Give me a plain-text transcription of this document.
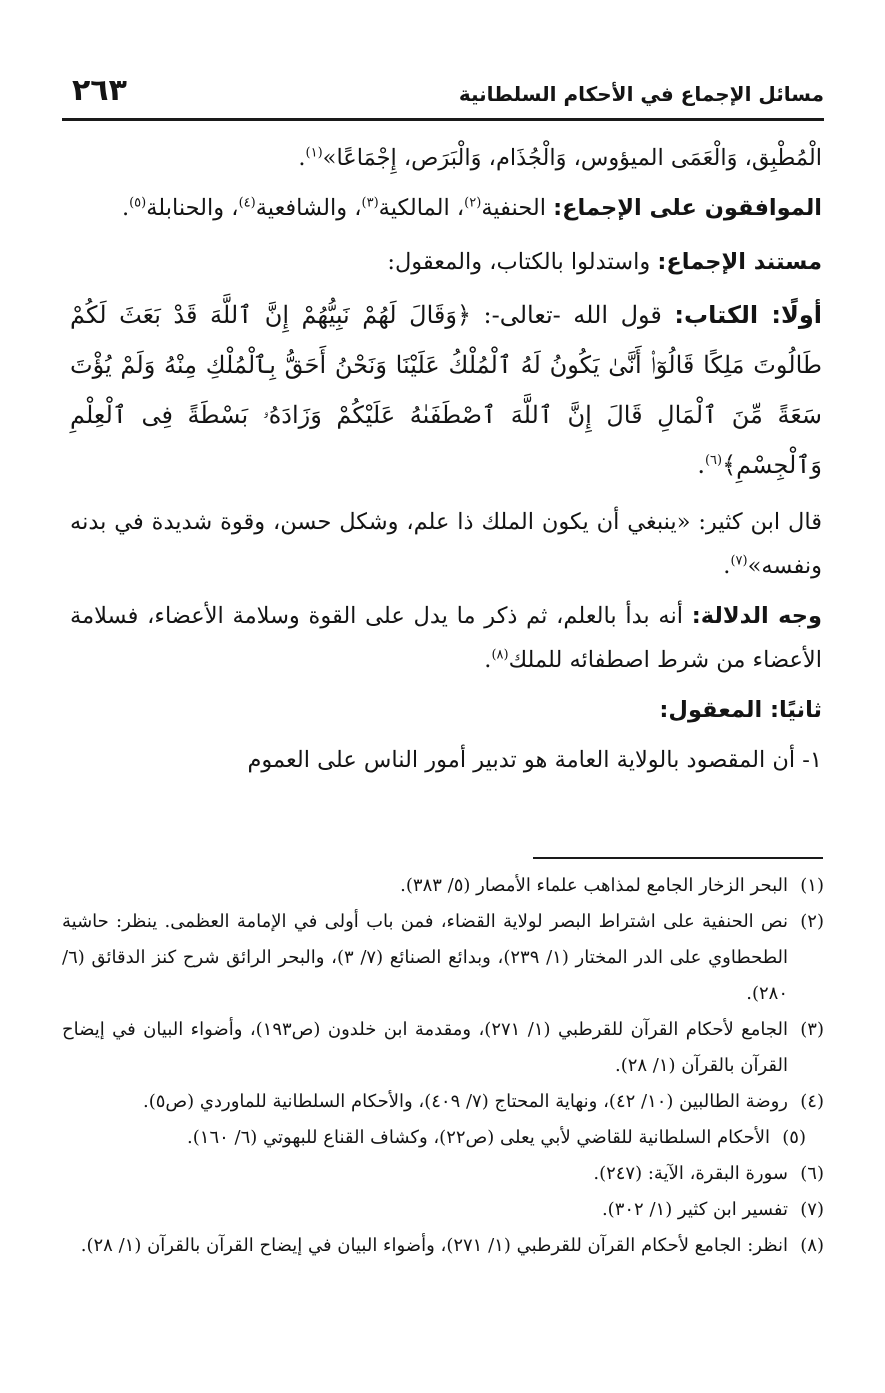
مسائل الإجماع في الأحكام السلطانية
٢٦٣

الْمُطْبِق، وَالْعَمَى الميؤوس، وَالْجُذَام، وَالْبَرَص، إِجْمَاعًا»$^{(١)}$.

الموافقون على الإجماع: الحنفية$^{(٢)}$، المالكية$^{(٣)}$، والشافعية$^{(٤)}$، والحنابلة$^{(٥)}$.

مستند الإجماع: واستدلوا بالكتاب، والمعقول:

أولًا: الكتاب: قول الله -تعالى-: ﴿وَقَالَ لَهُمْ نَبِيُّهُمْ إِنَّ ٱللَّهَ قَدْ بَعَثَ لَكُمْ طَالُوتَ مَلِكًا قَالُوٓا۟ أَنَّىٰ يَكُونُ لَهُ ٱلْمُلْكُ عَلَيْنَا وَنَحْنُ أَحَقُّ بِٱلْمُلْكِ مِنْهُ وَلَمْ يُؤْتَ سَعَةً مِّنَ ٱلْمَالِ قَالَ إِنَّ ٱللَّهَ ٱصْطَفَىٰهُ عَلَيْكُمْ وَزَادَهُۥ بَسْطَةً فِى ٱلْعِلْمِ وَٱلْجِسْمِ﴾$^{(٦)}$.

قال ابن كثير: «ينبغي أن يكون الملك ذا علم، وشكل حسن، وقوة شديدة في بدنه ونفسه»$^{(٧)}$.

وجه الدلالة: أنه بدأ بالعلم، ثم ذكر ما يدل على القوة وسلامة الأعضاء، فسلامة الأعضاء من شرط اصطفائه للملك$^{(٨)}$.

ثانيًا: المعقول:

١- أن المقصود بالولاية العامة هو تدبير أمور الناس على العموم

(١)
البحر الزخار الجامع لمذاهب علماء الأمصار (٥/ ٣٨٣).
(٢)
نص الحنفية على اشتراط البصر لولاية القضاء، فمن باب أولى في الإمامة العظمى. ينظر: حاشية الطحطاوي على الدر المختار (١/ ٢٣٩)، وبدائع الصنائع (٧/ ٣)، والبحر الرائق شرح كنز الدقائق (٦/ ٢٨٠).
(٣)
الجامع لأحكام القرآن للقرطبي (١/ ٢٧١)، ومقدمة ابن خلدون (ص١٩٣)، وأضواء البيان في إيضاح القرآن بالقرآن (١/ ٢٨).
(٤)
روضة الطالبين (١٠/ ٤٢)، ونهاية المحتاج (٧/ ٤٠٩)، والأحكام السلطانية للماوردي (ص٥).
(٥)
الأحكام السلطانية للقاضي لأبي يعلى (ص٢٢)، وكشاف القناع للبهوتي (٦/ ١٦٠).
(٦)
سورة البقرة، الآية: (٢٤٧).
(٧)
تفسير ابن كثير (١/ ٣٠٢).
(٨)
انظر: الجامع لأحكام القرآن للقرطبي (١/ ٢٧١)، وأضواء البيان في إيضاح القرآن بالقرآن (١/ ٢٨).
